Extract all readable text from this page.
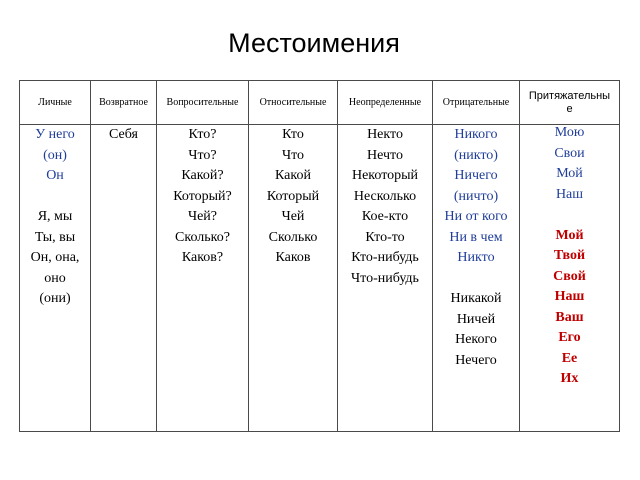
Местоимения
Личные
У него
(он)
Он
Я, мы
Ты, вы
Он, она,
оно
(они)
Возвратное
Себя
Вопросительные
Кто?
Что?
Какой?
Который?
Чей?
Сколько?
Каков?
Относительные
Кто
Что
Какой
Который
Чей
Сколько
Каков
Неопределенные
Некто
Нечто
Некоторый
Несколько
Кое-кто
Кто-то
Кто-нибудь
Что-нибудь
Отрицательные
Никого
(никто)
Ничего
(ничто)
Ни от кого
Ни в чем
Никто
Никакой
Ничей
Некого
Нечего
Притяжательные
Мою
Свои
Мой
Наш
Мой
Твой
Свой
Наш
Ваш
Его
Ее
Их
